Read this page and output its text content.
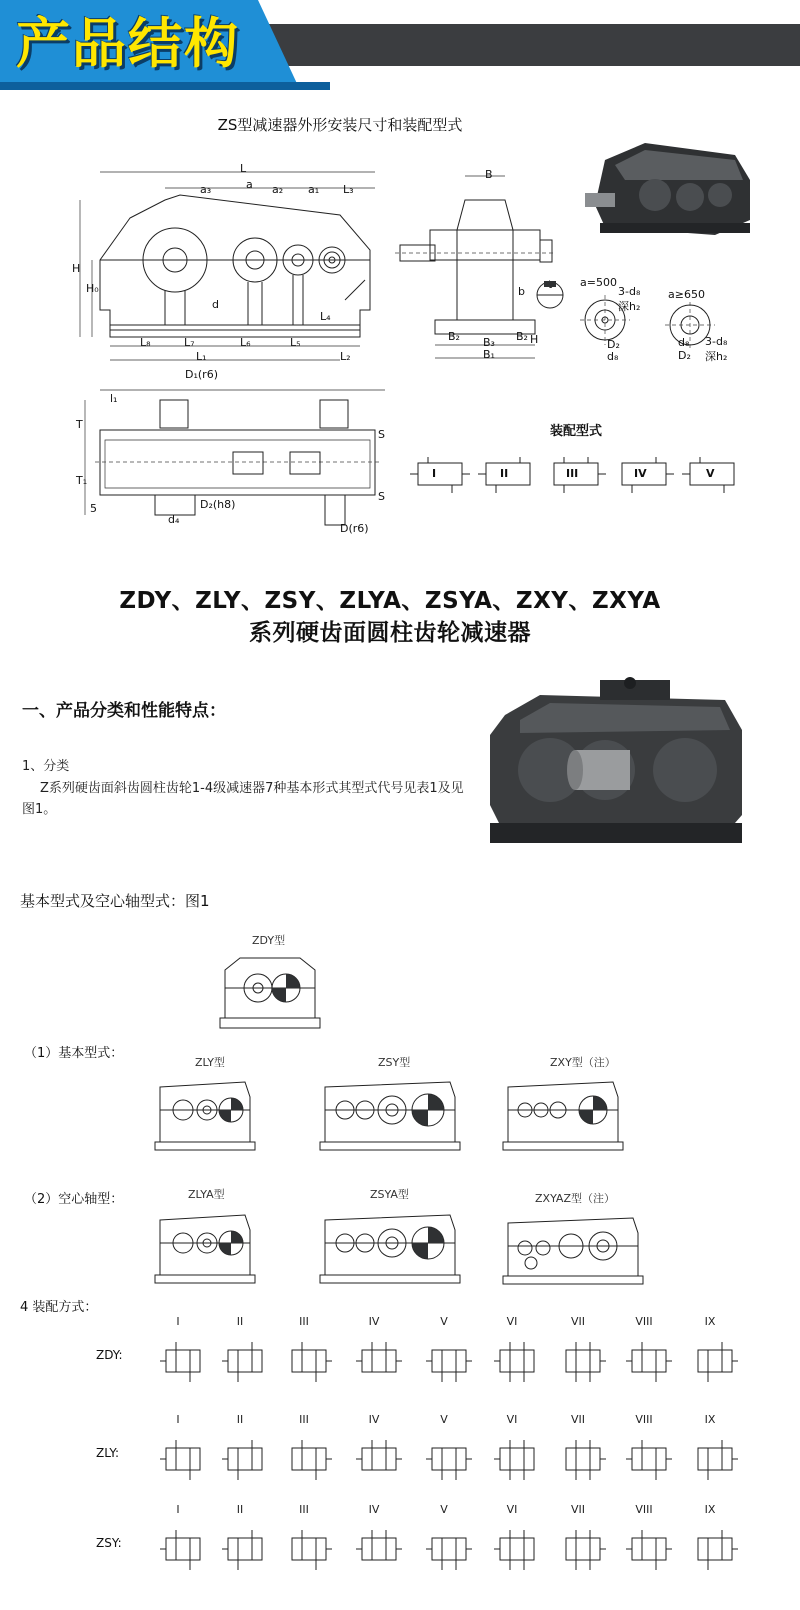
产品结构
ZS型减速器外形安装尺寸和装配型式
L
a
a₃	a₂ a₁ L₃
H
H₀
d
L₈	L₇	L₆	L₅
L₁	L₂
L₄
B
b
H
B₂ B₃
B₁
B₂
a=500
3-d₈
深h₂
D₂
d₈
a≥650
3-d₈
深h₂
d₈
D₂
D₁(r6)
l₁
T
T₁
S
S
5	D₂(h8)
d₄
D(r6)
装配型式
I	II	III	IV	V
ZDY、ZLY、ZSY、ZLYA、ZSYA、ZXY、ZXYA
系列硬齿面圆柱齿轮减速器
一、产品分类和性能特点：
1、分类
Z系列硬齿面斜齿圆柱齿轮1-4级减速器7种基本形式其型式代号见表1及见图1。
基本型式及空心轴型式：图1
ZDY型
（1）基本型式：
ZLY型	ZSY型	ZXY型（注）
（2）空心轴型：	ZLYA型	ZSYA型	ZXYAZ型（注）
4 装配方式：
ZDY:
I	II	III	IV	V	VI	VII	VIII	IX
ZLY:
I	II	III	IV	V	VI	VII	VIII	IX
ZSY:
I	II	III	IV	V	VI	VII	VIII	IX
